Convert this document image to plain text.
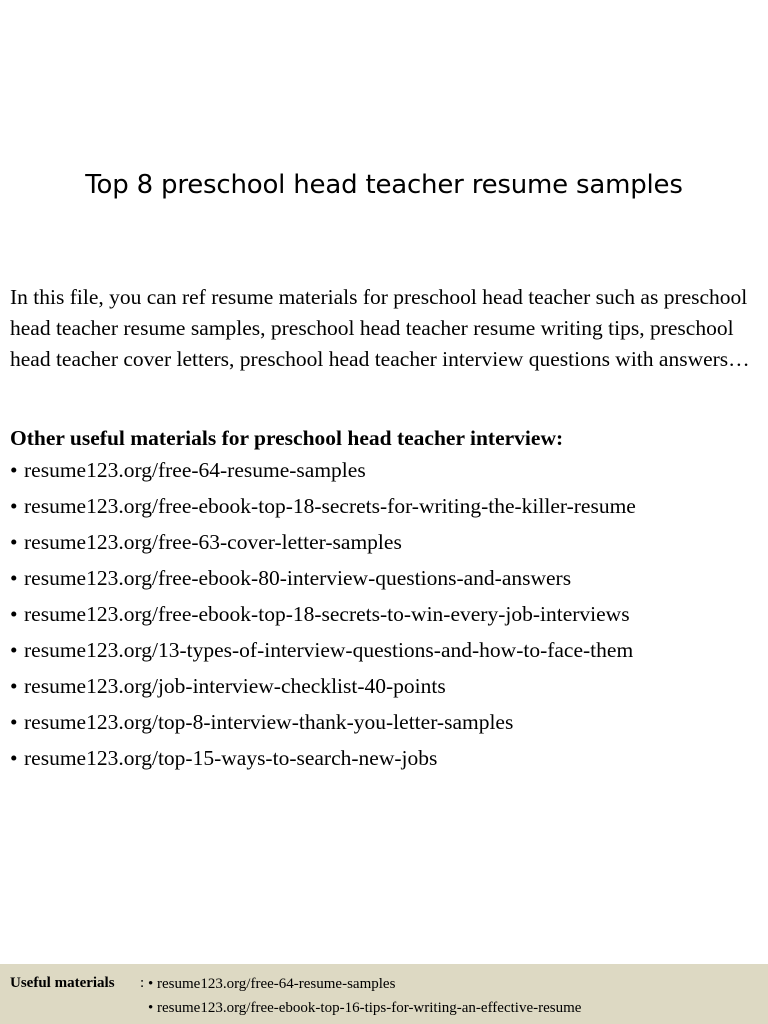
Top 8 preschool head teacher resume samples

In this file, you can ref resume materials for preschool head teacher such as preschool head teacher resume samples, preschool head teacher resume writing tips, preschool head teacher cover letters, preschool head teacher interview questions with answers…

Other useful materials for preschool head teacher interview:

• resume123.org/free-64-resume-samples
• resume123.org/free-ebook-top-18-secrets-for-writing-the-killer-resume
• resume123.org/free-63-cover-letter-samples
• resume123.org/free-ebook-80-interview-questions-and-answers
• resume123.org/free-ebook-top-18-secrets-to-win-every-job-interviews
• resume123.org/13-types-of-interview-questions-and-how-to-face-them
• resume123.org/job-interview-checklist-40-points
• resume123.org/top-8-interview-thank-you-letter-samples
• resume123.org/top-15-ways-to-search-new-jobs
Useful materials : • resume123.org/free-64-resume-samples
• resume123.org/free-ebook-top-16-tips-for-writing-an-effective-resume
